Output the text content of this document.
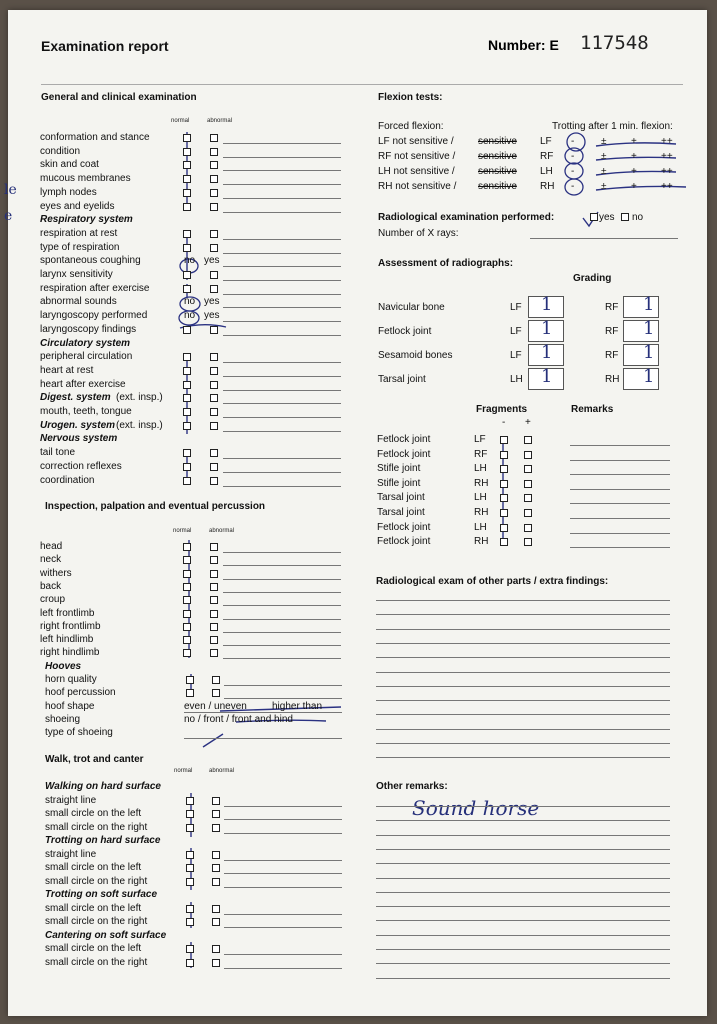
Examination report	Number: E 117548
General and clinical examination	Flexion tests:
Sound horse
le
e
normal	abnormal
conformation and stance
condition
skin and coat
mucous membranes
lymph nodes
eyes and eyelids
Respiratory system
respiration at rest
type of respiration
spontaneous coughing	no yes
larynx sensitivity
respiration after exercise
abnormal sounds	no yes
laryngoscopy performed	no yes
laryngoscopy findings
Circulatory system
peripheral circulation
heart at rest
heart after exercise
Digest. system (ext. insp.)
mouth, teeth, tongue
Urogen. system (ext. insp.)
Nervous system
tail tone
correction reflexes
coordination
Inspection, palpation and eventual percussion
normal	abnormal
head
neck
withers
back
croup
left frontlimb
right frontlimb
left hindlimb
right hindlimb
Hooves
horn quality
hoof percussion
hoof shape	even / uneven	higher than
shoeing	no / front / front and hind
type of shoeing
Walk, trot and canter
normal	abnormal
Walking on hard surface
straight line
small circle on the left
small circle on the right
Trotting on hard surface
straight line
small circle on the left
small circle on the right
Trotting on soft surface
small circle on the left
small circle on the right
Cantering on soft surface
small circle on the left
small circle on the right
Forced flexion:	Trotting after 1 min. flexion:
LF not sensitive / sensitive LF -	± + ++
RF not sensitive / sensitive RF -	± + ++
LH not sensitive / sensitive LH -	± + ++
RH not sensitive / sensitive RH -	± + ++
Radiological examination performed:	yes no
Number of X rays:
Assessment of radiographs:
Grading
Navicular bone	LF 1	RF 1
Fetlock joint	LF 1	RF 1
Sesamoid bones	LF 1	RF 1
Tarsal joint	LH 1	RH 1
Fragments	Remarks
- +
Fetlock joint	LF
Fetlock joint	RF
Stifle joint	LH
Stifle joint	RH
Tarsal joint	LH
Tarsal joint	RH
Fetlock joint	LH
Fetlock joint	RH
Radiological exam of other parts / extra findings:
Other remarks:
